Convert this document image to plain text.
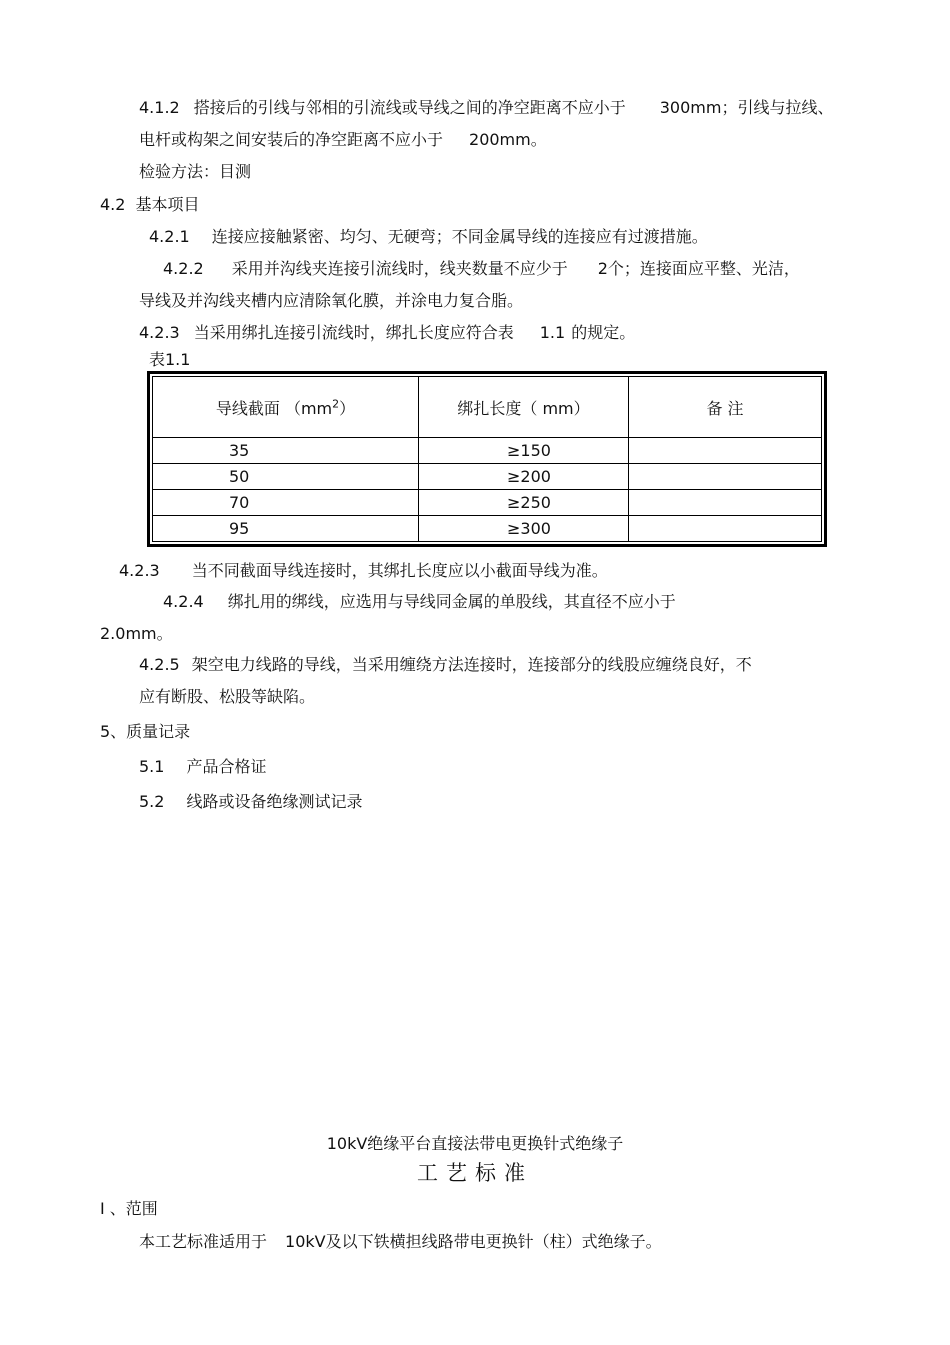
4.1.2 搭接后的引线与邻相的引流线或导线之间的净空距离不应小于 300mm；引线与拉线、
电杆或构架之间安装后的净空距离不应小于 200mm。
检验方法：目测
4.2 基本项目
4.2.1 连接应接触紧密、均匀、无硬弯；不同金属导线的连接应有过渡措施。
4.2.2 采用并沟线夹连接引流线时，线夹数量不应少于 2个；连接面应平整、光洁，
导线及并沟线夹槽内应清除氧化膜，并涂电力复合脂。
4.2.3 当采用绑扎连接引流线时，绑扎长度应符合表 1.1 的规定。
表1.1
导线截面 $(mm^2)$	绑扎长度（ mm）	备 注
35	≥150	
50	≥200	
70	≥250	
95	≥300	
4.2.3 当不同截面导线连接时，其绑扎长度应以小截面导线为准。
4.2.4 绑扎用的绑线，应选用与导线同金属的单股线，其直径不应小于
2.0mm。
4.2.5 架空电力线路的导线，当采用缠绕方法连接时，连接部分的线股应缠绕良好，不
应有断股、松股等缺陷。
5、质量记录
5.1 产品合格证
5.2 线路或设备绝缘测试记录
10kV绝缘平台直接法带电更换针式绝缘子
工艺标准
I 、范围
本工艺标准适用于 10kV及以下铁横担线路带电更换针（柱）式绝缘子。
